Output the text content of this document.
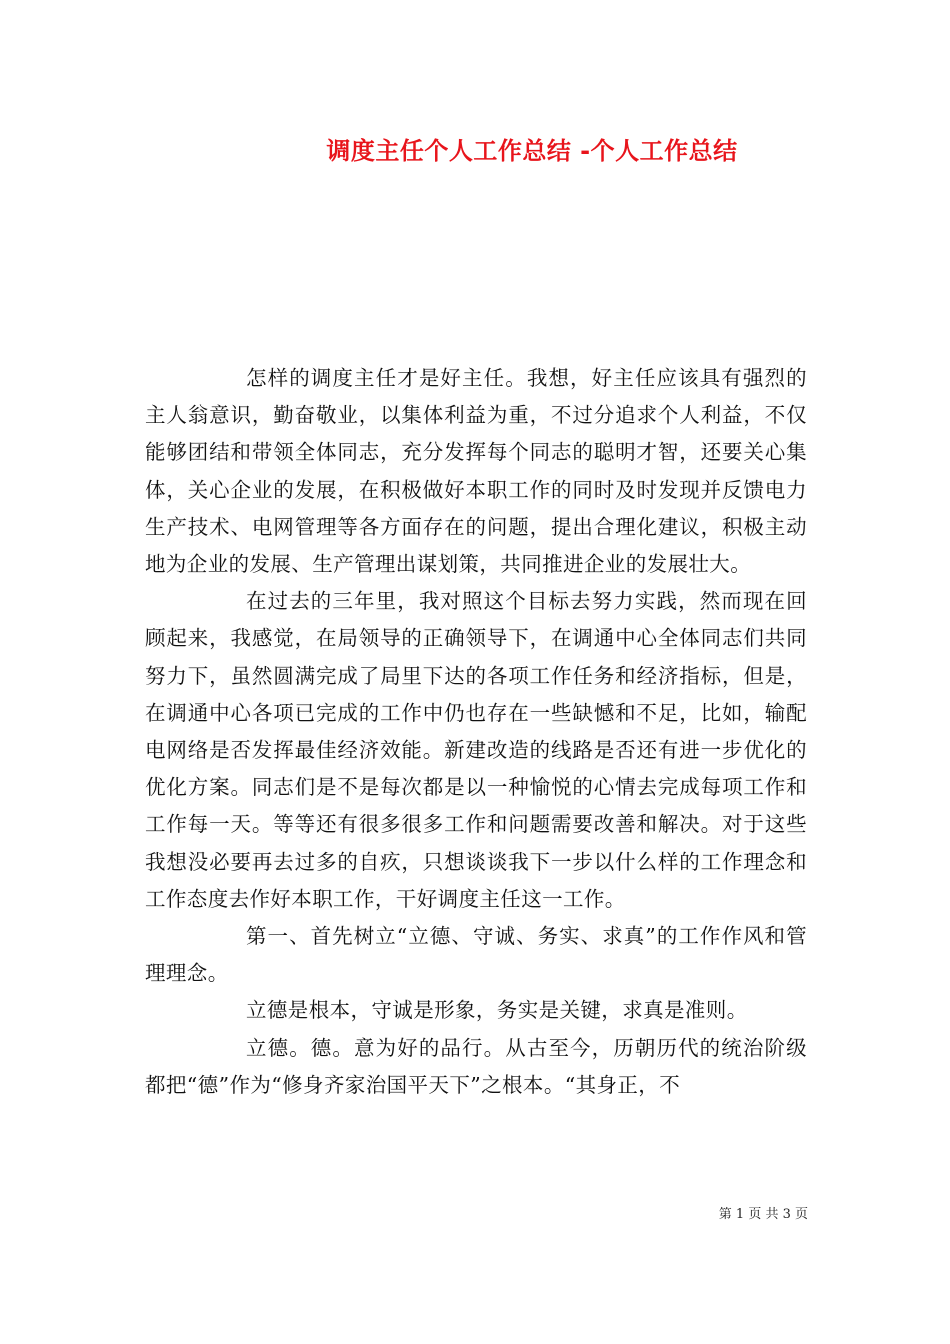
调度主任个人工作总结 -个人工作总结

怎样的调度主任才是好主任。我想，好主任应该具有强烈的主人翁意识，勤奋敬业，以集体利益为重，不过分追求个人利益，不仅能够团结和带领全体同志，充分发挥每个同志的聪明才智，还要关心集体，关心企业的发展，在积极做好本职工作的同时及时发现并反馈电力生产技术、电网管理等各方面存在的问题，提出合理化建议，积极主动地为企业的发展、生产管理出谋划策，共同推进企业的发展壮大。

在过去的三年里，我对照这个目标去努力实践，然而现在回顾起来，我感觉，在局领导的正确领导下，在调通中心全体同志们共同努力下，虽然圆满完成了局里下达的各项工作任务和经济指标，但是，在调通中心各项已完成的工作中仍也存在一些缺憾和不足，比如，输配电网络是否发挥最佳经济效能。新建改造的线路是否还有进一步优化的优化方案。同志们是不是每次都是以一种愉悦的心情去完成每项工作和工作每一天。等等还有很多很多工作和问题需要改善和解决。对于这些我想没必要再去过多的自疚，只想谈谈我下一步以什么样的工作理念和工作态度去作好本职工作，干好调度主任这一工作。

第一、首先树立“立德、守诚、务实、求真”的工作作风和管理理念。

立德是根本，守诚是形象，务实是关键，求真是准则。

立德。德。意为好的品行。从古至今，历朝历代的统治阶级都把“德”作为“修身齐家治国平天下”之根本。“其身正，不

第 1 页 共 3 页
